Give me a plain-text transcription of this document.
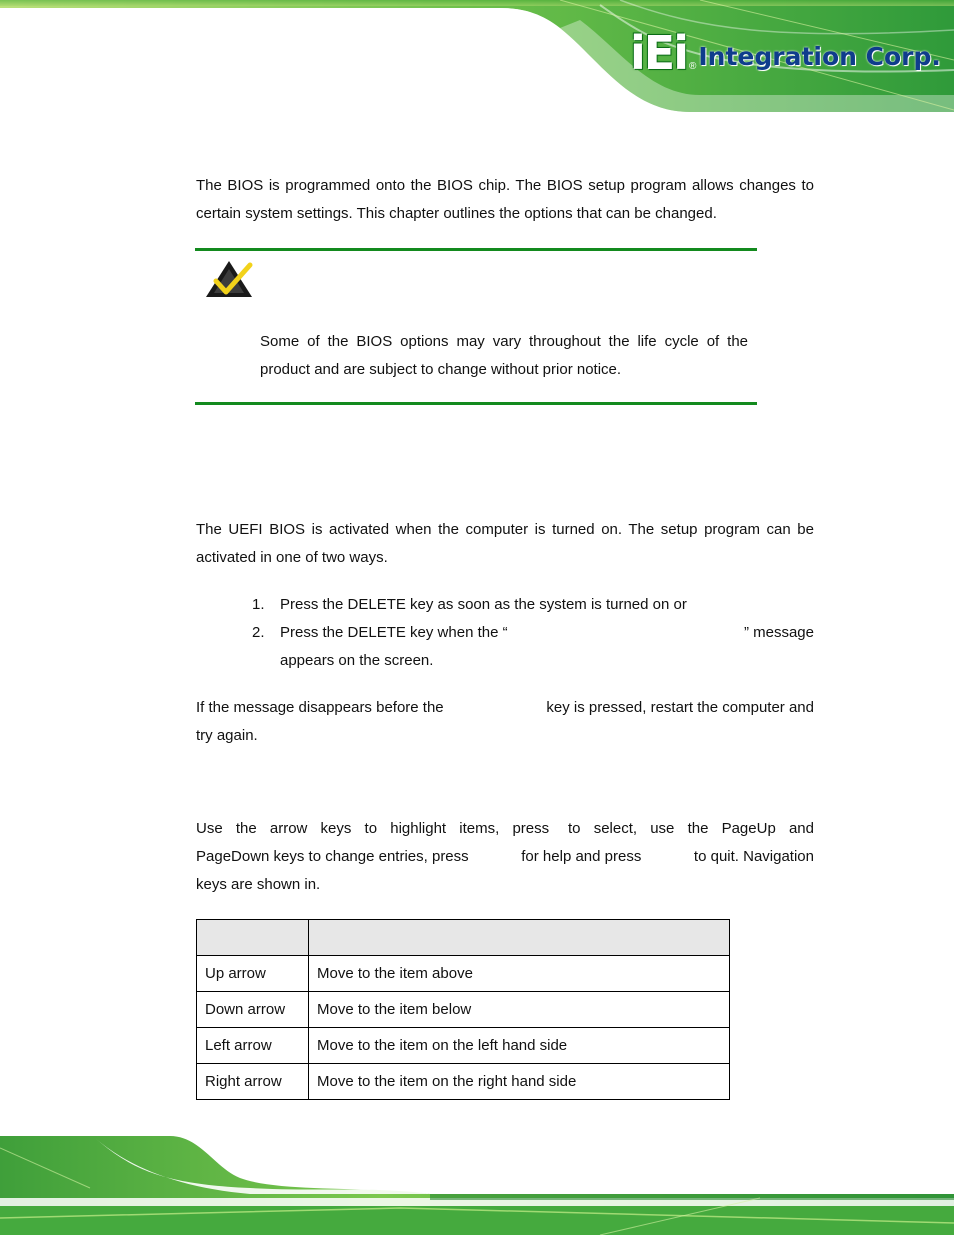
iEi ® Integration Corp.

The BIOS is programmed onto the BIOS chip. The BIOS setup program allows changes to certain system settings. This chapter outlines the options that can be changed.

Some of the BIOS options may vary throughout the life cycle of the product and are subject to change without prior notice.

The UEFI BIOS is activated when the computer is turned on. The setup program can be activated in one of two ways.

1. Press the DELETE key as soon as the system is turned on or
2. Press the DELETE key when the “	” message
appears on the screen.
If the message disappears before the	key is pressed, restart the computer and
try again.
Use the arrow keys to highlight items, press to select, use the PageUp and
PageDown keys to change entries, press	for help and press	to quit. Navigation
keys are shown in.

Up arrow	Move to the item above
Down arrow	Move to the item below
Left arrow	Move to the item on the left hand side
Right arrow	Move to the item on the right hand side
